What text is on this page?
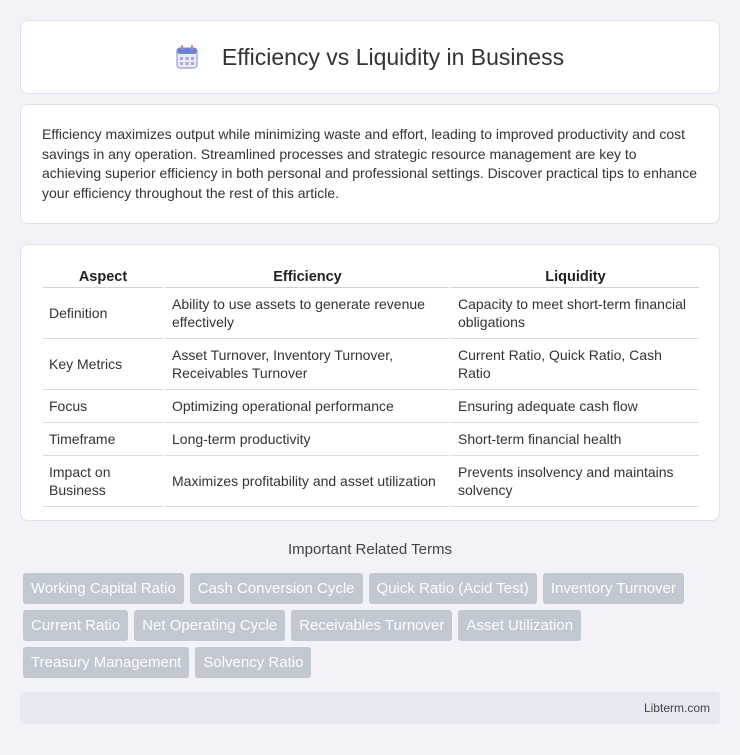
Efficiency vs Liquidity in Business

Efficiency maximizes output while minimizing waste and effort, leading to improved productivity and cost savings in any operation. Streamlined processes and strategic resource management are key to achieving superior efficiency in both personal and professional settings. Discover practical tips to enhance your efficiency throughout the rest of this article.

Aspect	Efficiency	Liquidity
Definition	Ability to use assets to generate revenue effectively	Capacity to meet short-term financial obligations
Key Metrics	Asset Turnover, Inventory Turnover, Receivables Turnover	Current Ratio, Quick Ratio, Cash Ratio
Focus	Optimizing operational performance	Ensuring adequate cash flow
Timeframe	Long-term productivity	Short-term financial health
Impact on Business	Maximizes profitability and asset utilization	Prevents insolvency and maintains solvency
Important Related Terms
Working Capital Ratio	Cash Conversion Cycle	Quick Ratio (Acid Test)	Inventory Turnover
Current Ratio	Net Operating Cycle	Receivables Turnover	Asset Utilization
Treasury Management	Solvency Ratio
Libterm.com
